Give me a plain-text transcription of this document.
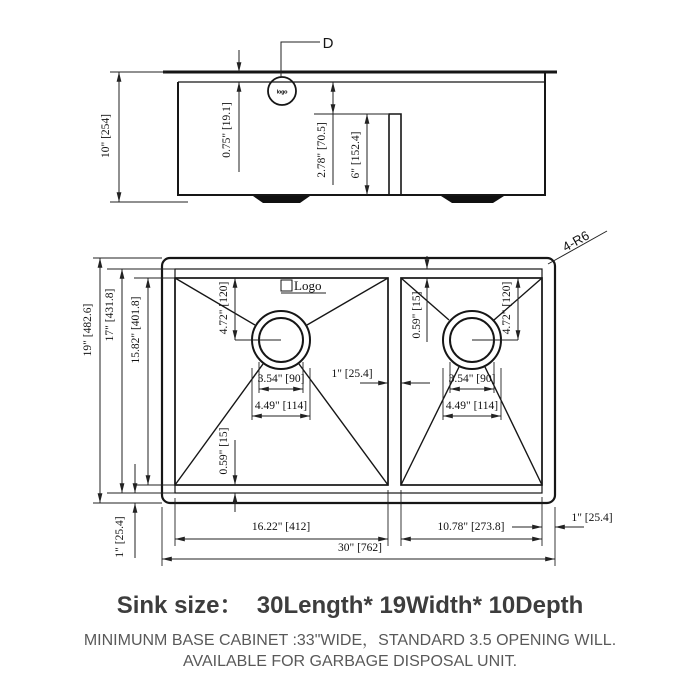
logo
D
10" [254]	0.75" [19.1]	2.78" [70.5] 6" [152.4]
Logo
4-R6
19" [482.6] 17" [431.8] 15.82" [401.8]
1" [25.4]	16.22" [412]	10.78" [273.8]
30" [762]
1" [25.4]
1" [25.4]
4.72" [120]	4.72" [120]
0.59" [15]
0.59" [15]
3.54" [90]
4.49" [114]
3.54" [90]
4.49" [114]
Sink size：  30Length* 19Width* 10Depth
MINIMUNM BASE CABINET :33"WIDE，STANDARD 3.5 OPENING WILL.
AVAILABLE FOR GARBAGE DISPOSAL UNIT.
